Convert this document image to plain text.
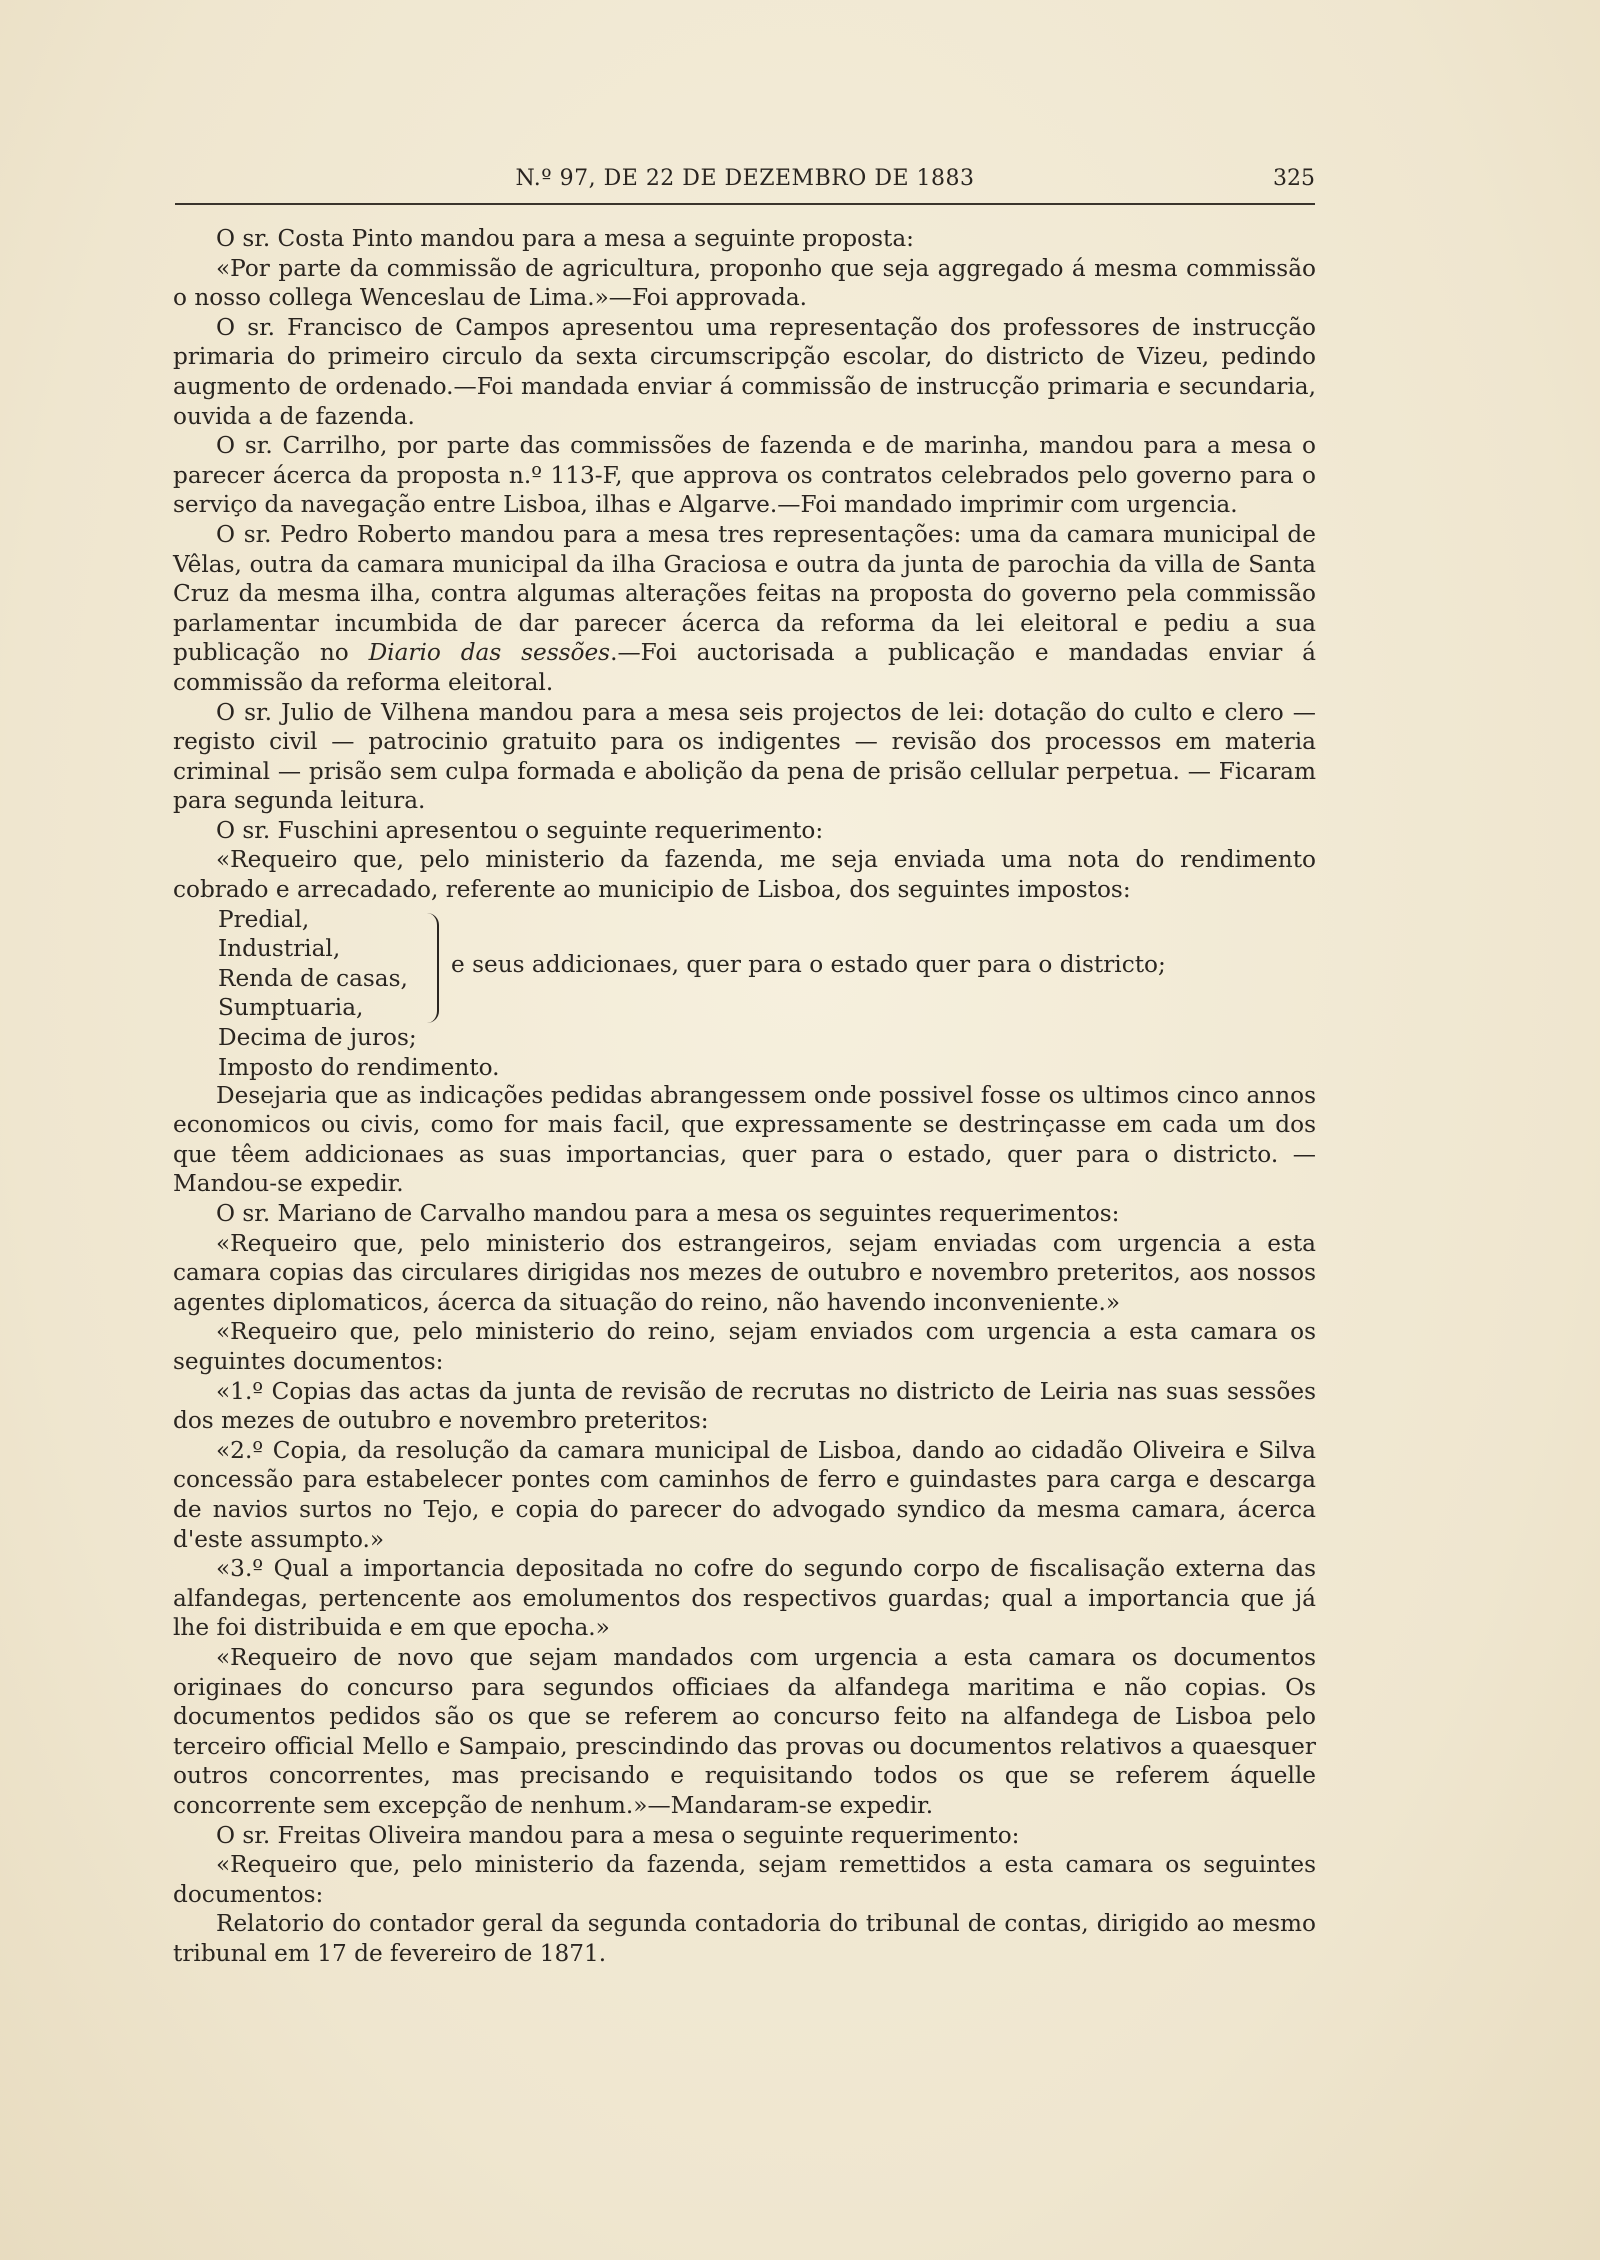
N.º 97, DE 22 DE DEZEMBRO DE 1883	325

O sr. Costa Pinto mandou para a mesa a seguinte proposta:

«Por parte da commissão de agricultura, proponho que seja aggregado á mesma commissão o nosso collega Wenceslau de Lima.»—Foi approvada.

O sr. Francisco de Campos apresentou uma representação dos professores de instrucção primaria do primeiro circulo da sexta circumscripção escolar, do districto de Vizeu, pedindo augmento de ordenado.—Foi mandada enviar á commissão de instrucção primaria e secundaria, ouvida a de fazenda.

O sr. Carrilho, por parte das commissões de fazenda e de marinha, mandou para a mesa o parecer ácerca da proposta n.º 113-F, que approva os contratos celebrados pelo governo para o serviço da navegação entre Lisboa, ilhas e Algarve.—Foi mandado imprimir com urgencia.

O sr. Pedro Roberto mandou para a mesa tres representações: uma da camara municipal de Vêlas, outra da camara municipal da ilha Graciosa e outra da junta de parochia da villa de Santa Cruz da mesma ilha, contra algumas alterações feitas na proposta do governo pela commissão parlamentar incumbida de dar parecer ácerca da reforma da lei eleitoral e pediu a sua publicação no Diario das sessões.—Foi auctorisada a publicação e mandadas enviar á commissão da reforma eleitoral.

O sr. Julio de Vilhena mandou para a mesa seis projectos de lei: dotação do culto e clero — registo civil — patrocinio gratuito para os indigentes — revisão dos processos em materia criminal — prisão sem culpa formada e abolição da pena de prisão cellular perpetua. — Ficaram para segunda leitura.

O sr. Fuschini apresentou o seguinte requerimento:

«Requeiro que, pelo ministerio da fazenda, me seja enviada uma nota do rendimento cobrado e arrecadado, referente ao municipio de Lisboa, dos seguintes impostos:

Predial,
Industrial,
Renda de casas,
Sumptuaria,
Decima de juros;
Imposto do rendimento.
e seus addicionaes, quer para o estado quer para o districto;

Desejaria que as indicações pedidas abrangessem onde possivel fosse os ultimos cinco annos economicos ou civis, como for mais facil, que expressamente se destrinçasse em cada um dos que têem addicionaes as suas importancias, quer para o estado, quer para o districto. — Mandou-se expedir.

O sr. Mariano de Carvalho mandou para a mesa os seguintes requerimentos:

«Requeiro que, pelo ministerio dos estrangeiros, sejam enviadas com urgencia a esta camara copias das circulares dirigidas nos mezes de outubro e novembro preteritos, aos nossos agentes diplomaticos, ácerca da situação do reino, não havendo inconveniente.»

«Requeiro que, pelo ministerio do reino, sejam enviados com urgencia a esta camara os seguintes documentos:

«1.º Copias das actas da junta de revisão de recrutas no districto de Leiria nas suas sessões dos mezes de outubro e novembro preteritos:

«2.º Copia, da resolução da camara municipal de Lisboa, dando ao cidadão Oliveira e Silva concessão para estabelecer pontes com caminhos de ferro e guindastes para carga e descarga de navios surtos no Tejo, e copia do parecer do advogado syndico da mesma camara, ácerca d'este assumpto.»

«3.º Qual a importancia depositada no cofre do segundo corpo de fiscalisação externa das alfandegas, pertencente aos emolumentos dos respectivos guardas; qual a importancia que já lhe foi distribuida e em que epocha.»

«Requeiro de novo que sejam mandados com urgencia a esta camara os documentos originaes do concurso para segundos officiaes da alfandega maritima e não copias. Os documentos pedidos são os que se referem ao concurso feito na alfandega de Lisboa pelo terceiro official Mello e Sampaio, prescindindo das provas ou documentos relativos a quaesquer outros concorrentes, mas precisando e requisitando todos os que se referem áquelle concorrente sem excepção de nenhum.»—Mandaram-se expedir.

O sr. Freitas Oliveira mandou para a mesa o seguinte requerimento:

«Requeiro que, pelo ministerio da fazenda, sejam remettidos a esta camara os seguintes documentos:

Relatorio do contador geral da segunda contadoria do tribunal de contas, dirigido ao mesmo tribunal em 17 de fevereiro de 1871.
